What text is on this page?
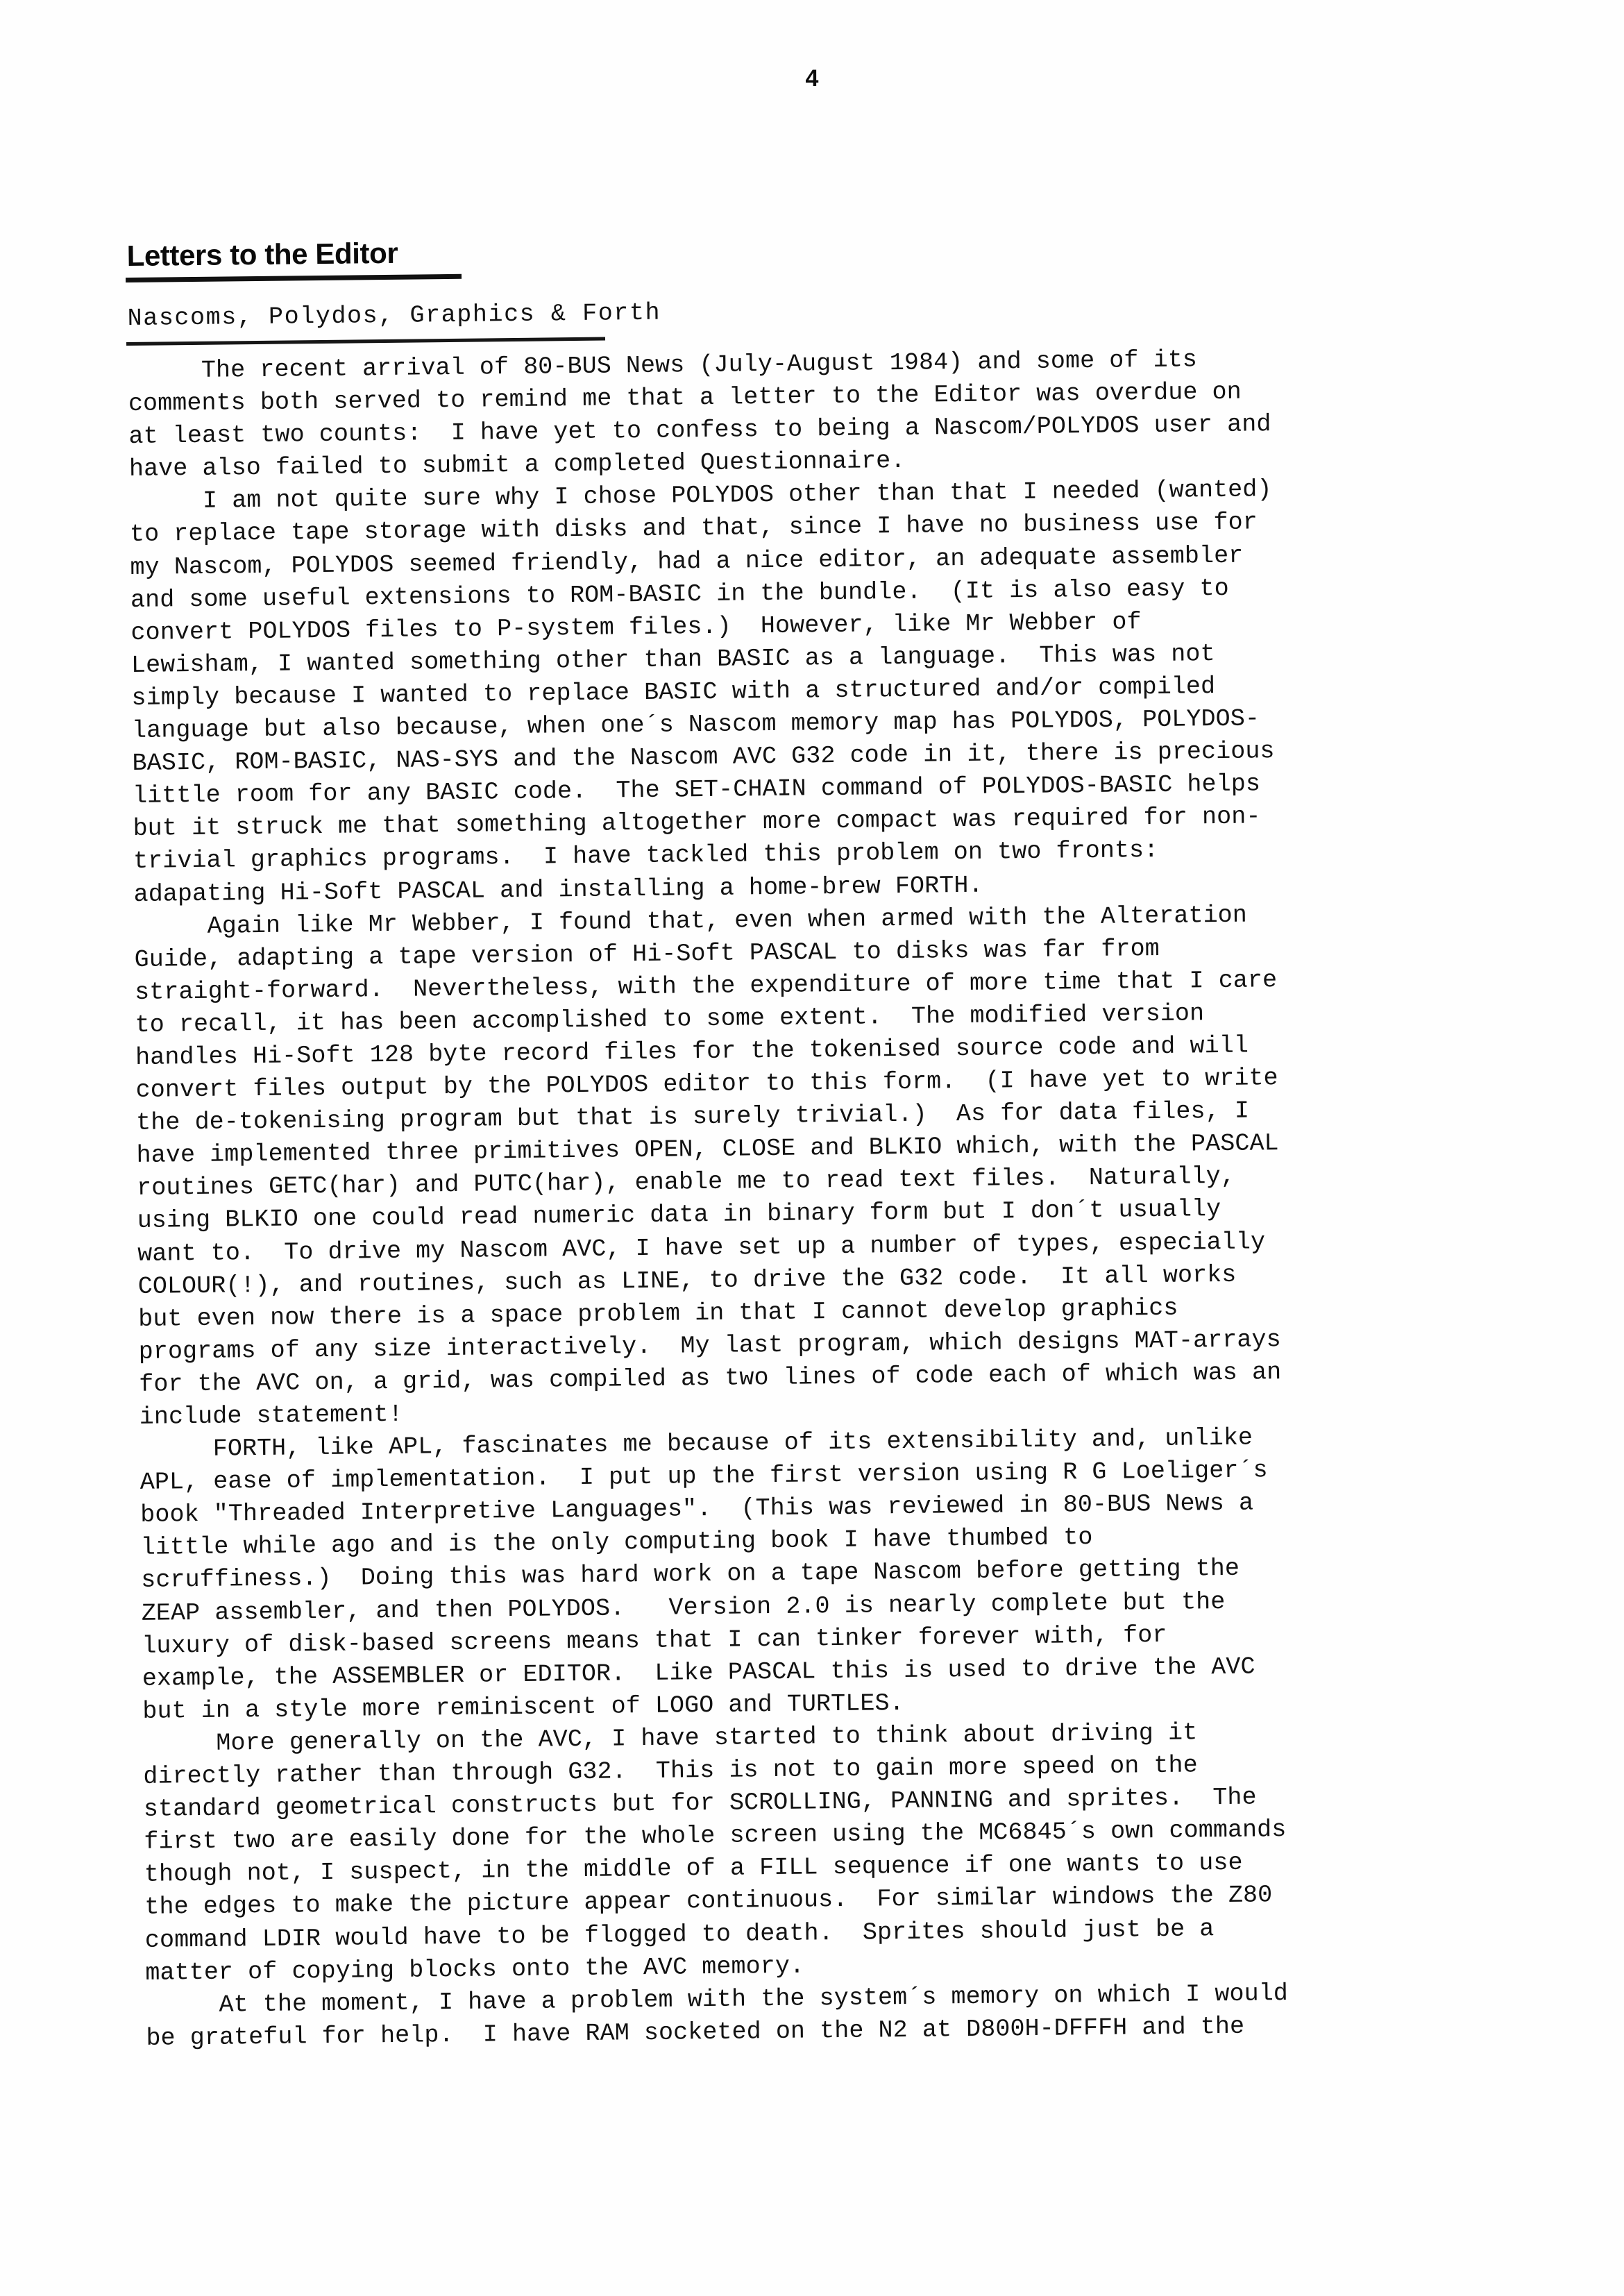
4
Letters to the Editor
Nascoms, Polydos, Graphics & Forth
The recent arrival of 80-BUS News (July-August 1984) and some of its
comments both served to remind me that a letter to the Editor was overdue on
at least two counts:  I have yet to confess to being a Nascom/POLYDOS user and
have also failed to submit a completed Questionnaire.
I am not quite sure why I chose POLYDOS other than that I needed (wanted)
to replace tape storage with disks and that, since I have no business use for
my Nascom, POLYDOS seemed friendly, had a nice editor, an adequate assembler
and some useful extensions to ROM-BASIC in the bundle.  (It is also easy to
convert POLYDOS files to P-system files.)  However, like Mr Webber of
Lewisham, I wanted something other than BASIC as a language.  This was not
simply because I wanted to replace BASIC with a structured and/or compiled
language but also because, when one´s Nascom memory map has POLYDOS, POLYDOS-
BASIC, ROM-BASIC, NAS-SYS and the Nascom AVC G32 code in it, there is precious
little room for any BASIC code.  The SET-CHAIN command of POLYDOS-BASIC helps
but it struck me that something altogether more compact was required for non-
trivial graphics programs.  I have tackled this problem on two fronts:
adapating Hi-Soft PASCAL and installing a home-brew FORTH.
Again like Mr Webber, I found that, even when armed with the Alteration
Guide, adapting a tape version of Hi-Soft PASCAL to disks was far from
straight-forward.  Nevertheless, with the expenditure of more time that I care
to recall, it has been accomplished to some extent.  The modified version
handles Hi-Soft 128 byte record files for the tokenised source code and will
convert files output by the POLYDOS editor to this form.  (I have yet to write
the de-tokenising program but that is surely trivial.)  As for data files, I
have implemented three primitives OPEN, CLOSE and BLKIO which, with the PASCAL
routines GETC(har) and PUTC(har), enable me to read text files.  Naturally,
using BLKIO one could read numeric data in binary form but I don´t usually
want to.  To drive my Nascom AVC, I have set up a number of types, especially
COLOUR(!), and routines, such as LINE, to drive the G32 code.  It all works
but even now there is a space problem in that I cannot develop graphics
programs of any size interactively.  My last program, which designs MAT-arrays
for the AVC on, a grid, was compiled as two lines of code each of which was an
include statement!
FORTH, like APL, fascinates me because of its extensibility and, unlike
APL, ease of implementation.  I put up the first version using R G Loeliger´s
book "Threaded Interpretive Languages".  (This was reviewed in 80-BUS News a
little while ago and is the only computing book I have thumbed to
scruffiness.)  Doing this was hard work on a tape Nascom before getting the
ZEAP assembler, and then POLYDOS.   Version 2.0 is nearly complete but the
luxury of disk-based screens means that I can tinker forever with, for
example, the ASSEMBLER or EDITOR.  Like PASCAL this is used to drive the AVC
but in a style more reminiscent of LOGO and TURTLES.
More generally on the AVC, I have started to think about driving it
directly rather than through G32.  This is not to gain more speed on the
standard geometrical constructs but for SCROLLING, PANNING and sprites.  The
first two are easily done for the whole screen using the MC6845´s own commands
though not, I suspect, in the middle of a FILL sequence if one wants to use
the edges to make the picture appear continuous.  For similar windows the Z80
command LDIR would have to be flogged to death.  Sprites should just be a
matter of copying blocks onto the AVC memory.
At the moment, I have a problem with the system´s memory on which I would
be grateful for help.  I have RAM socketed on the N2 at D800H-DFFFH and the
